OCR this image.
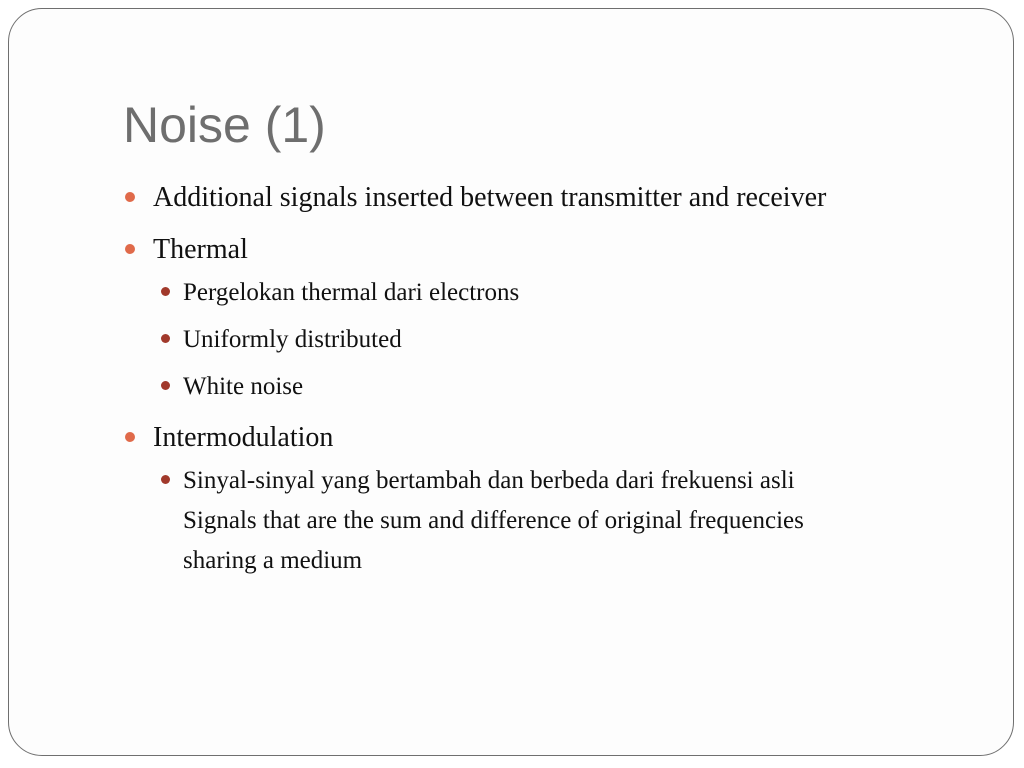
Noise (1)
Additional signals inserted between transmitter and receiver
Thermal
Pergelokan thermal dari electrons
Uniformly distributed
White noise
Intermodulation
Sinyal-sinyal yang bertambah dan berbeda dari frekuensi asli
Signals that are the sum and difference of original frequencies
sharing a medium
